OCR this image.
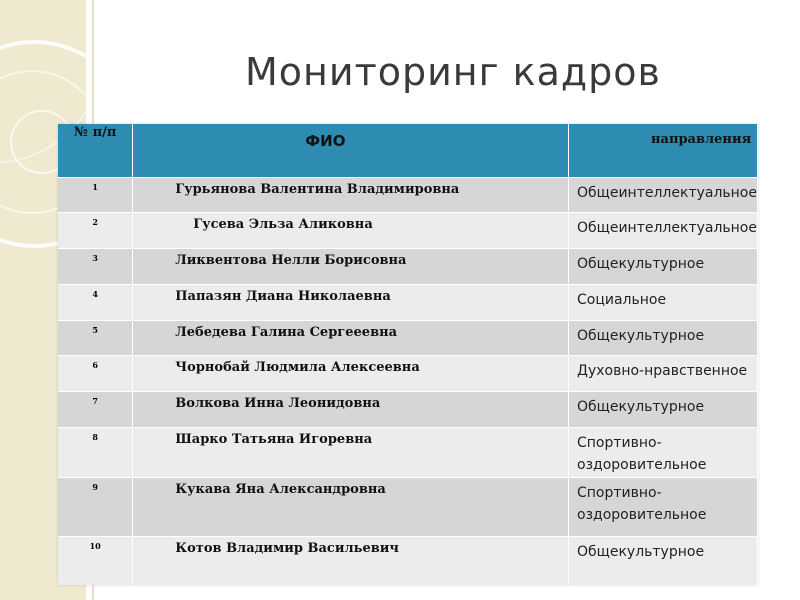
Мониторинг кадров
№ п/п	ФИО	направления
1	Гурьянова Валентина Владимировна	Общеинтеллектуальное
2	Гусева Эльза Аликовна	Общеинтеллектуальное
3	Ликвентова Нелли Борисовна	Общекультурное
4	Папазян Диана Николаевна	Социальное
5	Лебедева Галина Сергееевна	Общекультурное
6	Чорнобай Людмила Алексеевна	Духовно-нравственное
7	Волкова Инна Леонидовна	Общекультурное
8	Шарко Татьяна Игоревна	Спортивно-оздоровительное
9	Кукава Яна Александровна	Спортивно-оздоровительное
10	Котов Владимир Васильевич	Общекультурное
